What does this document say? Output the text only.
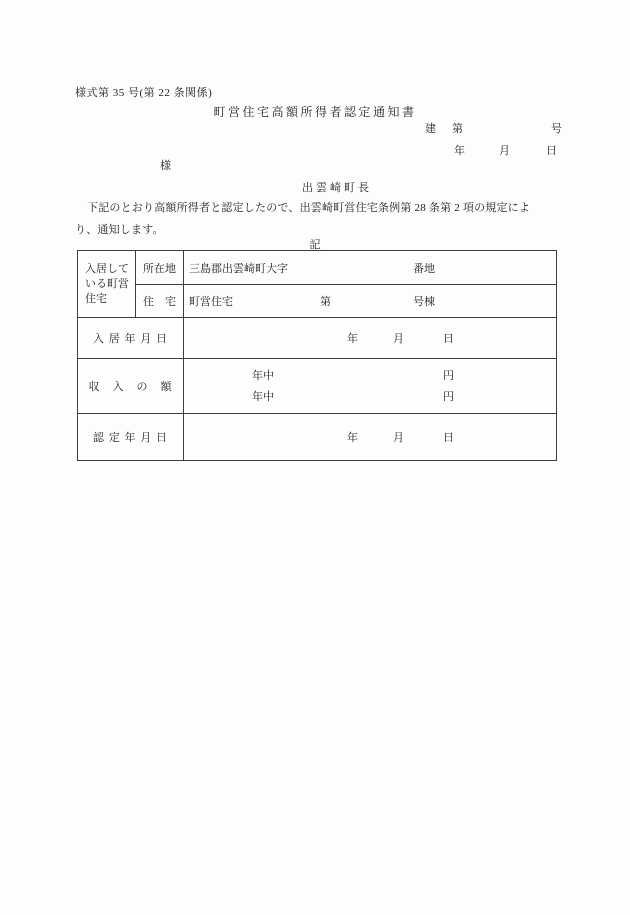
様式第 35 号(第 22 条関係)
町営住宅高額所得者認定通知書
建 第	号
年	月	日
様
出雲崎町長
下記のとおり高額所得者と認定したので、出雲崎町営住宅条例第 28 条第 2 項の規定によ
り、通知します。
記
入居している町営住宅	所在地	三島郡出雲崎町大字 番地

	住　宅	町営住宅 第 号棟

入 居 年 月 日		年 月 日

収　入　の　額		年中 円
年中 円

認 定 年 月 日		年 月 日
